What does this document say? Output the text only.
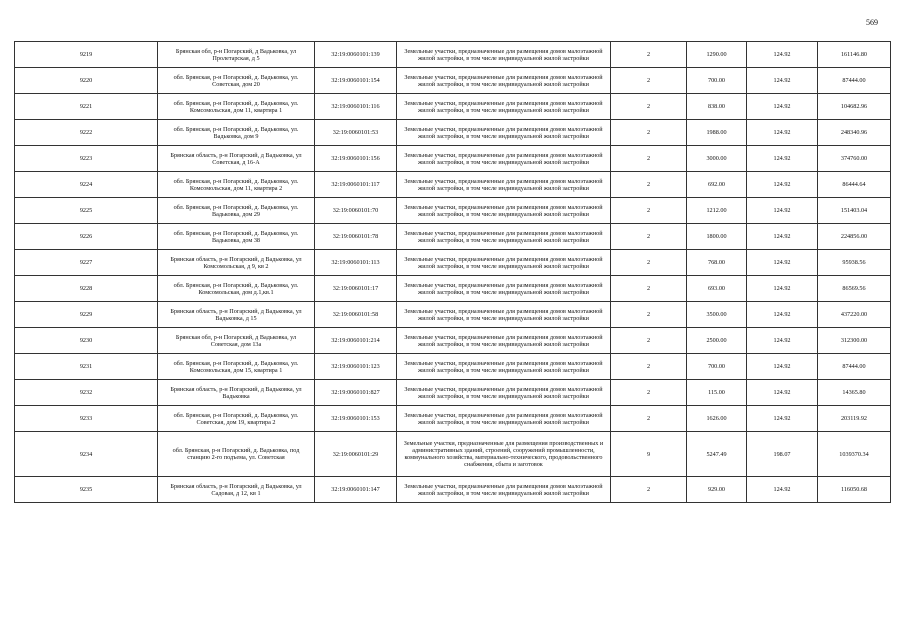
569
9219	Брянская обл, р-н Погарский, д Вадьковка, ул Пролетарская, д 5	32:19:0060101:139	Земельные участки, предназначенные для размещения домов малоэтажной жилой застройки, в том числе индивидуальной жилой застройки	2	1290.00	124.92	161146.80
9220	обл. Брянская, р-н Погарский, д. Вадьковка, ул. Советская, дом 20	32:19:0060101:154	Земельные участки, предназначенные для размещения домов малоэтажной жилой застройки, в том числе индивидуальной жилой застройки	2	700.00	124.92	87444.00
9221	обл. Брянская, р-н Погарский, д. Вадьковка, ул. Комсомольская, дом 11, квартира 1	32:19:0060101:116	Земельные участки, предназначенные для размещения домов малоэтажной жилой застройки, в том числе индивидуальной жилой застройки	2	838.00	124.92	104682.96
9222	обл. Брянская, р-н Погарский, д. Вадьковка, ул. Вадьковка, дом 9	32:19:0060101:53	Земельные участки, предназначенные для размещения домов малоэтажной жилой застройки, в том числе индивидуальной жилой застройки	2	1988.00	124.92	248340.96
9223	Брянская область, р-н Погарский, д Вадьковка, ул Советская, д 16-А	32:19:0060101:156	Земельные участки, предназначенные для размещения домов малоэтажной жилой застройки, в том числе индивидуальной жилой застройки	2	3000.00	124.92	374760.00
9224	обл. Брянская, р-н Погарский, д. Вадьковка, ул. Комсомольская, дом 11, квартира 2	32:19:0060101:117	Земельные участки, предназначенные для размещения домов малоэтажной жилой застройки, в том числе индивидуальной жилой застройки	2	692.00	124.92	86444.64
9225	обл. Брянская, р-н Погарский, д. Вадьковка, ул. Вадьковка, дом 29	32:19:0060101:70	Земельные участки, предназначенные для размещения домов малоэтажной жилой застройки, в том числе индивидуальной жилой застройки	2	1212.00	124.92	151403.04
9226	обл. Брянская, р-н Погарский, д. Вадьковка, ул. Вадьковка, дом 38	32:19:0060101:78	Земельные участки, предназначенные для размещения домов малоэтажной жилой застройки, в том числе индивидуальной жилой застройки	2	1800.00	124.92	224856.00
9227	Брянская область, р-н Погарский, д Вадьковка, ул Комсомольская, д 9, кв 2	32:19:0060101:113	Земельные участки, предназначенные для размещения домов малоэтажной жилой застройки, в том числе индивидуальной жилой застройки	2	768.00	124.92	95938.56
9228	обл. Брянская, р-н Погарский, д. Вадьковка, ул. Комсомольская, дом д.1,кв.1	32:19:0060101:17	Земельные участки, предназначенные для размещения домов малоэтажной жилой застройки, в том числе индивидуальной жилой застройки	2	693.00	124.92	86569.56
9229	Брянская область, р-н Погарский, д Вадьковка, ул Вадьковка, д 15	32:19:0060101:58	Земельные участки, предназначенные для размещения домов малоэтажной жилой застройки, в том числе индивидуальной жилой застройки	2	3500.00	124.92	437220.00
9230	Брянская обл, р-н Погарский, д Вадьковка, ул Советская, дом 13а	32:19:0060101:214	Земельные участки, предназначенные для размещения домов малоэтажной жилой застройки, в том числе индивидуальной жилой застройки	2	2500.00	124.92	312300.00
9231	обл. Брянская, р-н Погарский, д. Вадьковка, ул. Комсомольская, дом 15, квартира 1	32:19:0060101:123	Земельные участки, предназначенные для размещения домов малоэтажной жилой застройки, в том числе индивидуальной жилой застройки	2	700.00	124.92	87444.00
9232	Брянская область, р-н Погарский, д Вадьковка, ул Вадьковка	32:19:0060101:827	Земельные участки, предназначенные для размещения домов малоэтажной жилой застройки, в том числе индивидуальной жилой застройки	2	115.00	124.92	14365.80
9233	обл. Брянская, р-н Погарский, д. Вадьковка, ул. Советская, дом 19, квартира 2	32:19:0060101:153	Земельные участки, предназначенные для размещения домов малоэтажной жилой застройки, в том числе индивидуальной жилой застройки	2	1626.00	124.92	203119.92
9234	обл. Брянская, р-н Погарский, д. Вадьковка, под станцию 2-го подъема, ул. Советская	32:19:0060101:29	Земельные участки, предназначенные для размещения производственных и административных зданий, строений, сооружений промышленности, коммунального хозяйства, материально-технического, продовольственного снабжения, сбыта и заготовок	9	5247.49	198.07	1039370.34
9235	Брянская область, р-н Погарский, д Вадьковка, ул Садовая, д 12, кв 1	32:19:0060101:147	Земельные участки, предназначенные для размещения домов малоэтажной жилой застройки, в том числе индивидуальной жилой застройки	2	929.00	124.92	116050.68
